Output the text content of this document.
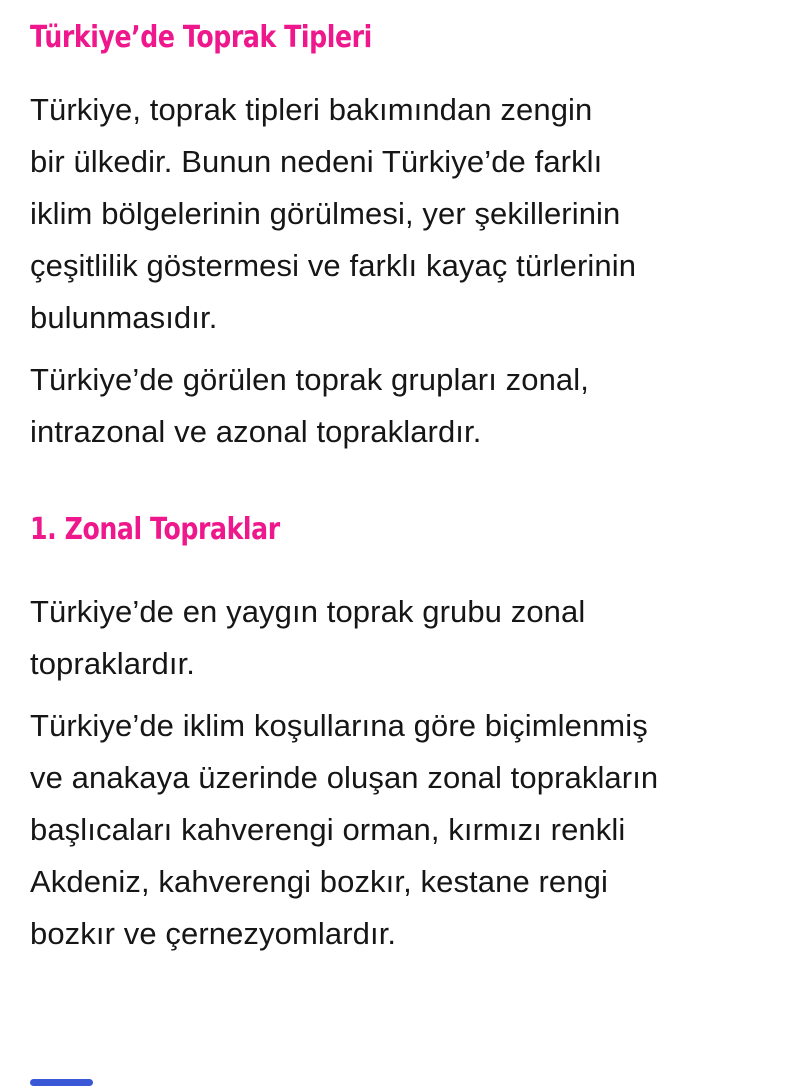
Türkiye’de Toprak Tipleri
Türkiye, toprak tipleri bakımından zengin
bir ülkedir. Bunun nedeni Türkiye’de farklı
iklim bölgelerinin görülmesi, yer şekillerinin
çeşitlilik göstermesi ve farklı kayaç türlerinin
bulunmasıdır.
Türkiye’de görülen toprak grupları zonal,
intrazonal ve azonal topraklardır.
1. Zonal Topraklar
Türkiye’de en yaygın toprak grubu zonal
topraklardır.
Türkiye’de iklim koşullarına göre biçimlenmiş
ve anakaya üzerinde oluşan zonal toprakların
başlıcaları kahverengi orman, kırmızı renkli
Akdeniz, kahverengi bozkır, kestane rengi
bozkır ve çernezyomlardır.
